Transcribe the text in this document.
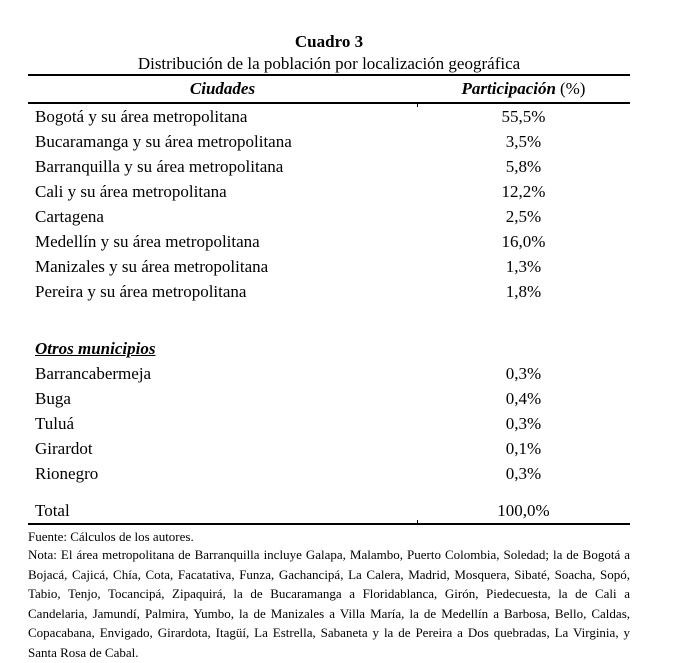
Cuadro 3
Distribución de la población por localización geográfica
Ciudades	Participación (%)
Bogotá y su área metropolitana	55,5%
Bucaramanga y su área metropolitana	3,5%
Barranquilla y su área metropolitana	5,8%
Cali y su área metropolitana	12,2%
Cartagena	2,5%
Medellín y su área metropolitana	16,0%
Manizales y su área metropolitana	1,3%
Pereira y su área metropolitana	1,8%
Otros municipios
Barrancabermeja	0,3%
Buga	0,4%
Tuluá	0,3%
Girardot	0,1%
Rionegro	0,3%
Total	100,0%
Fuente: Cálculos de los autores.
Nota: El área metropolitana de Barranquilla incluye Galapa, Malambo, Puerto Colombia, Soledad; la de Bogotá a Bojacá, Cajicá, Chía, Cota, Facatativa, Funza, Gachancipá, La Calera, Madrid, Mosquera, Sibaté, Soacha, Sopó, Tabio, Tenjo, Tocancipá, Zipaquirá, la de Bucaramanga a Floridablanca, Girón, Piedecuesta, la de Cali a Candelaria, Jamundí, Palmira, Yumbo, la de Manizales a Villa María, la de Medellín a Barbosa, Bello, Caldas, Copacabana, Envigado, Girardota, Itagüí, La Estrella, Sabaneta y la de Pereira a Dos quebradas, La Virginia, y Santa Rosa de Cabal.
